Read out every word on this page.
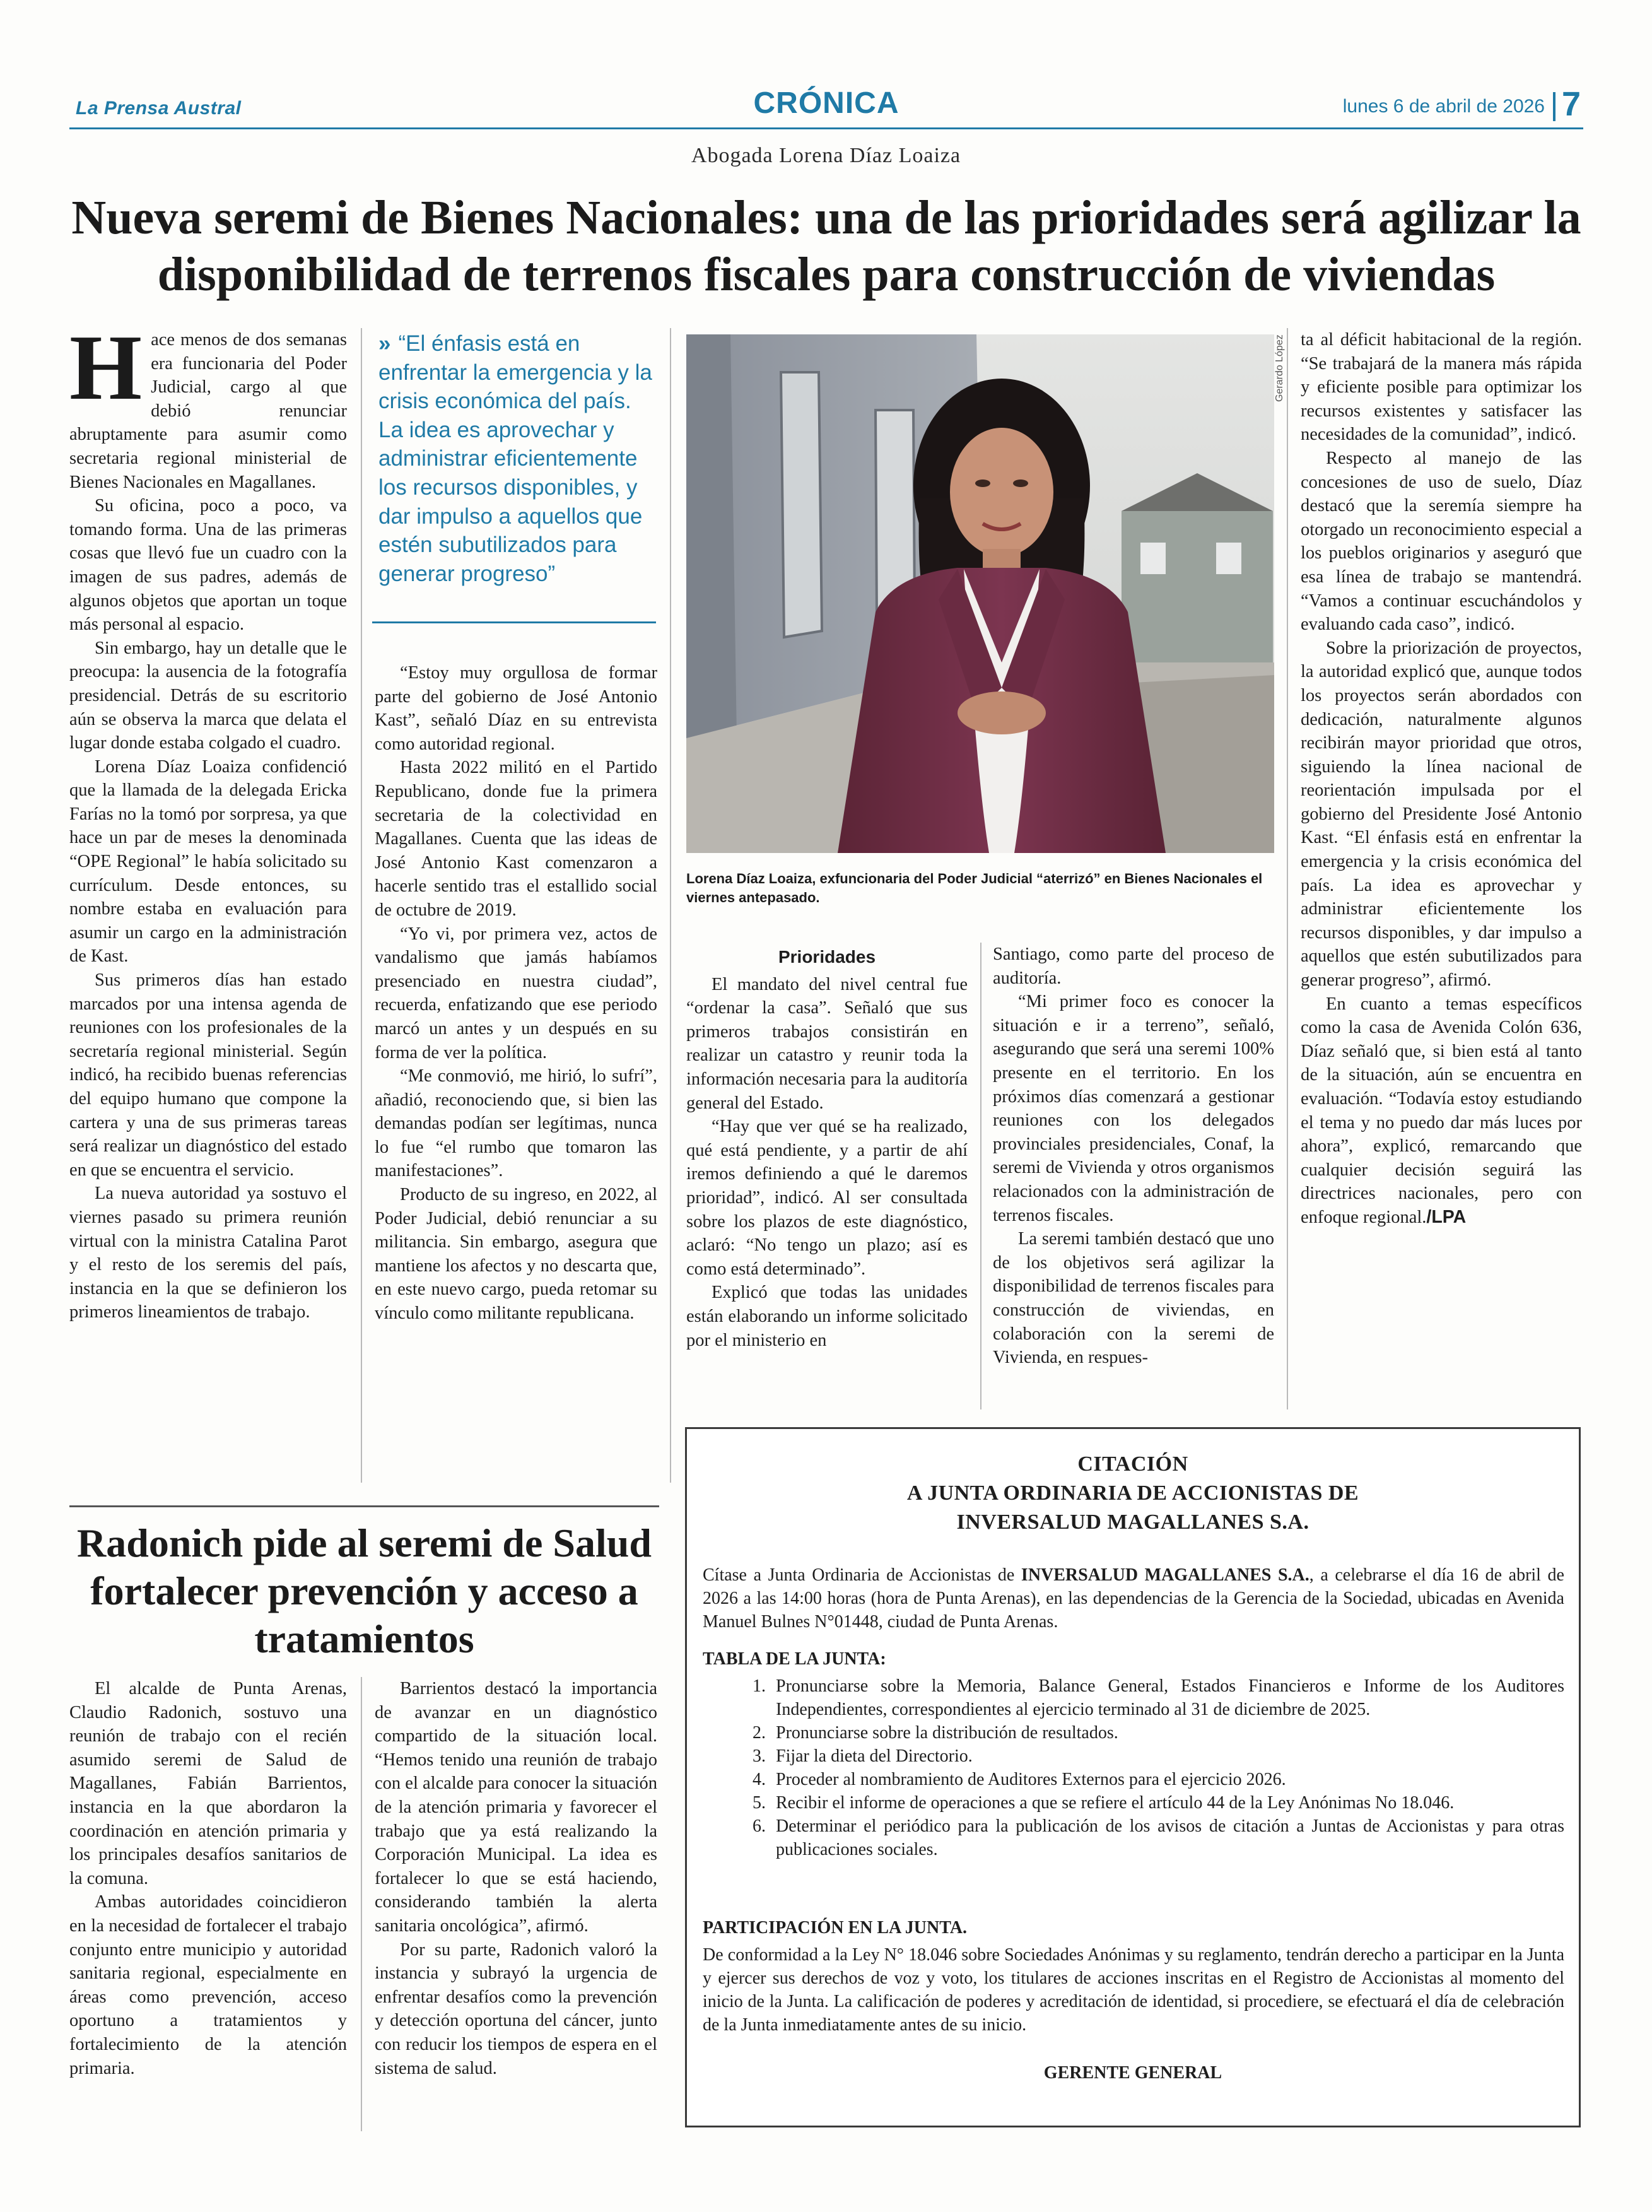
La Prensa Austral	CRÓNICA	lunes 6 de abril de 2026 7
Abogada Lorena Díaz Loaiza
Nueva seremi de Bienes Nacionales: una de las prioridades será agilizar la disponibilidad de terrenos fiscales para construcción de viviendas

Hace menos de dos semanas era funcionaria del Poder Judicial, cargo al que debió renunciar abruptamente para asumir como secretaria regional ministerial de Bienes Nacionales en Magallanes.

Su oficina, poco a poco, va tomando forma. Una de las primeras cosas que llevó fue un cuadro con la imagen de sus padres, además de algunos objetos que aportan un toque más personal al espacio.

Sin embargo, hay un detalle que le preocupa: la ausencia de la fotografía presidencial. Detrás de su escritorio aún se observa la marca que delata el lugar donde estaba colgado el cuadro.

Lorena Díaz Loaiza confidenció que la llamada de la delegada Ericka Farías no la tomó por sorpresa, ya que hace un par de meses la denominada “OPE Regional” le había solicitado su currículum. Desde entonces, su nombre estaba en evaluación para asumir un cargo en la administración de Kast.

Sus primeros días han estado marcados por una intensa agenda de reuniones con los profesionales de la secretaría regional ministerial. Según indicó, ha recibido buenas referencias del equipo humano que compone la cartera y una de sus primeras tareas será realizar un diagnóstico del estado en que se encuentra el servicio.

La nueva autoridad ya sostuvo el viernes pasado su primera reunión virtual con la ministra Catalina Parot y el resto de los seremis del país, instancia en la que se definieron los primeros lineamientos de trabajo.

» “El énfasis está en enfrentar la emergencia y la crisis económica del país. La idea es aprovechar y administrar eficientemente los recursos disponibles, y dar impulso a aquellos que estén subutilizados para generar progreso”

“Estoy muy orgullosa de formar parte del gobierno de José Antonio Kast”, señaló Díaz en su entrevista como autoridad regional.

Hasta 2022 militó en el Partido Republicano, donde fue la primera secretaria de la colectividad en Magallanes. Cuenta que las ideas de José Antonio Kast comenzaron a hacerle sentido tras el estallido social de octubre de 2019.

“Yo vi, por primera vez, actos de vandalismo que jamás habíamos presenciado en nuestra ciudad”, recuerda, enfatizando que ese periodo marcó un antes y un después en su forma de ver la política.

“Me conmovió, me hirió, lo sufrí”, añadió, reconociendo que, si bien las demandas podían ser legítimas, nunca lo fue “el rumbo que tomaron las manifestaciones”.

Producto de su ingreso, en 2022, al Poder Judicial, debió renunciar a su militancia. Sin embargo, asegura que mantiene los afectos y no descarta que, en este nuevo cargo, pueda retomar su vínculo como militante republicana.

Gerardo López
Lorena Díaz Loaiza, exfuncionaria del Poder Judicial “aterrizó” en Bienes Nacionales el viernes antepasado.

Prioridades

El mandato del nivel central fue “ordenar la casa”. Señaló que sus primeros trabajos consistirán en realizar un catastro y reunir toda la información necesaria para la auditoría general del Estado.

“Hay que ver qué se ha realizado, qué está pendiente, y a partir de ahí iremos definiendo a qué le daremos prioridad”, indicó. Al ser consultada sobre los plazos de este diagnóstico, aclaró: “No tengo un plazo; así es como está determinado”.

Explicó que todas las unidades están elaborando un informe solicitado por el ministerio en

Santiago, como parte del proceso de auditoría.

“Mi primer foco es conocer la situación e ir a terreno”, señaló, asegurando que será una seremi 100% presente en el territorio. En los próximos días comenzará a gestionar reuniones con los delegados provinciales presidenciales, Conaf, la seremi de Vivienda y otros organismos relacionados con la administración de terrenos fiscales.

La seremi también destacó que uno de los objetivos será agilizar la disponibilidad de terrenos fiscales para construcción de viviendas, en colaboración con la seremi de Vivienda, en respues-

ta al déficit habitacional de la región. “Se trabajará de la manera más rápida y eficiente posible para optimizar los recursos existentes y satisfacer las necesidades de la comunidad”, indicó.

Respecto al manejo de las concesiones de uso de suelo, Díaz destacó que la seremía siempre ha otorgado un reconocimiento especial a los pueblos originarios y aseguró que esa línea de trabajo se mantendrá. “Vamos a continuar escuchándolos y evaluando cada caso”, indicó.

Sobre la priorización de proyectos, la autoridad explicó que, aunque todos los proyectos serán abordados con dedicación, naturalmente algunos recibirán mayor prioridad que otros, siguiendo la línea nacional de reorientación impulsada por el gobierno del Presidente José Antonio Kast. “El énfasis está en enfrentar la emergencia y la crisis económica del país. La idea es aprovechar y administrar eficientemente los recursos disponibles, y dar impulso a aquellos que estén subutilizados para generar progreso”, afirmó.

En cuanto a temas específicos como la casa de Avenida Colón 636, Díaz señaló que, si bien está al tanto de la situación, aún se encuentra en evaluación. “Todavía estoy estudiando el tema y no puedo dar más luces por ahora”, explicó, remarcando que cualquier decisión seguirá las directrices nacionales, pero con enfoque regional./LPA

Radonich pide al seremi de Salud fortalecer prevención y acceso a tratamientos

El alcalde de Punta Arenas, Claudio Radonich, sostuvo una reunión de trabajo con el recién asumido seremi de Salud de Magallanes, Fabián Barrientos, instancia en la que abordaron la coordinación en atención primaria y los principales desafíos sanitarios de la comuna.

Ambas autoridades coincidieron en la necesidad de fortalecer el trabajo conjunto entre municipio y autoridad sanitaria regional, especialmente en áreas como prevención, acceso oportuno a tratamientos y fortalecimiento de la atención primaria.

Barrientos destacó la importancia de avanzar en un diagnóstico compartido de la situación local. “Hemos tenido una reunión de trabajo con el alcalde para conocer la situación de la atención primaria y favorecer el trabajo que ya está realizando la Corporación Municipal. La idea es fortalecer lo que se está haciendo, considerando también la alerta sanitaria oncológica”, afirmó.

Por su parte, Radonich valoró la instancia y subrayó la urgencia de enfrentar desafíos como la prevención y detección oportuna del cáncer, junto con reducir los tiempos de espera en el sistema de salud.

CITACIÓN
A JUNTA ORDINARIA DE ACCIONISTAS DE
INVERSALUD MAGALLANES S.A.
Cítase a Junta Ordinaria de Accionistas de INVERSALUD MAGALLANES S.A., a celebrarse el día 16 de abril de 2026 a las 14:00 horas (hora de Punta Arenas), en las dependencias de la Gerencia de la Sociedad, ubicadas en Avenida Manuel Bulnes N°01448, ciudad de Punta Arenas.
TABLA DE LA JUNTA:
1. Pronunciarse sobre la Memoria, Balance General, Estados Financieros e Informe de los Auditores Independientes, correspondientes al ejercicio terminado al 31 de diciembre de 2025.
2. Pronunciarse sobre la distribución de resultados.
3. Fijar la dieta del Directorio.
4. Proceder al nombramiento de Auditores Externos para el ejercicio 2026.
5. Recibir el informe de operaciones a que se refiere el artículo 44 de la Ley Anónimas No 18.046.
6. Determinar el periódico para la publicación de los avisos de citación a Juntas de Accionistas y para otras publicaciones sociales.
PARTICIPACIÓN EN LA JUNTA.
De conformidad a la Ley N° 18.046 sobre Sociedades Anónimas y su reglamento, tendrán derecho a participar en la Junta y ejercer sus derechos de voz y voto, los titulares de acciones inscritas en el Registro de Accionistas al momento del inicio de la Junta. La calificación de poderes y acreditación de identidad, si procediere, se efectuará el día de celebración de la Junta inmediatamente antes de su inicio.
GERENTE GENERAL
